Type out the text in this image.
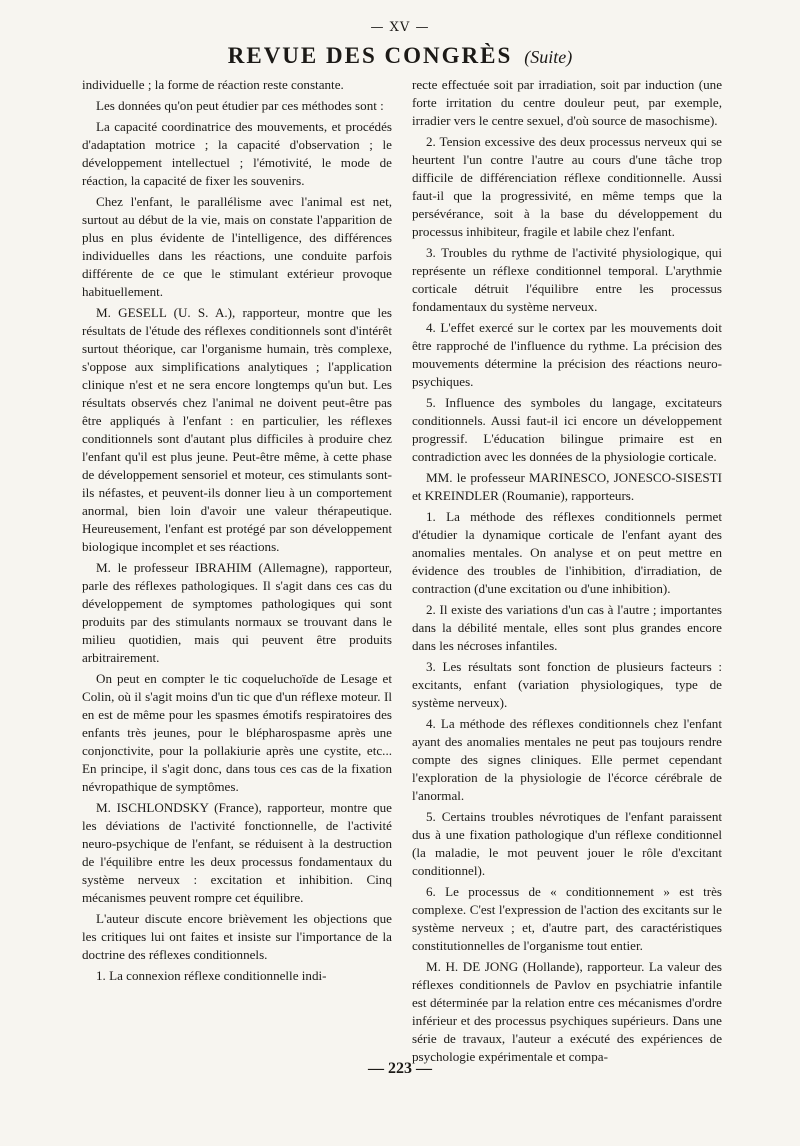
— XV —
REVUE DES CONGRÈS (Suite)

individuelle ; la forme de réaction reste constante.

Les données qu'on peut étudier par ces méthodes sont :

La capacité coordinatrice des mouvements, et procédés d'adaptation motrice ; la capacité d'observation ; le développement intellectuel ; l'émotivité, le mode de réaction, la capacité de fixer les souvenirs.

Chez l'enfant, le parallélisme avec l'animal est net, surtout au début de la vie, mais on constate l'apparition de plus en plus évidente de l'intelligence, des différences individuelles dans les réactions, une conduite parfois différente de ce que le stimulant extérieur provoque habituellement.

M. GESELL (U. S. A.), rapporteur, montre que les résultats de l'étude des réflexes conditionnels sont d'intérêt surtout théorique, car l'organisme humain, très complexe, s'oppose aux simplifications analytiques ; l'application clinique n'est et ne sera encore longtemps qu'un but. Les résultats observés chez l'animal ne doivent peut-être pas être appliqués à l'enfant : en particulier, les réflexes conditionnels sont d'autant plus difficiles à produire chez l'enfant qu'il est plus jeune. Peut-être même, à cette phase de développement sensoriel et moteur, ces stimulants sont-ils néfastes, et peuvent-ils donner lieu à un comportement anormal, bien loin d'avoir une valeur thérapeutique. Heureusement, l'enfant est protégé par son développement biologique incomplet et ses réactions.

M. le professeur IBRAHIM (Allemagne), rapporteur, parle des réflexes pathologiques. Il s'agit dans ces cas du développement de symptomes pathologiques qui sont produits par des stimulants normaux se trouvant dans le milieu quotidien, mais qui peuvent être produits arbitrairement.

On peut en compter le tic coqueluchoïde de Lesage et Colin, où il s'agit moins d'un tic que d'un réflexe moteur. Il en est de même pour les spasmes émotifs respiratoires des enfants très jeunes, pour le blépharospasme après une conjonctivite, pour la pollakiurie après une cystite, etc... En principe, il s'agit donc, dans tous ces cas de la fixation névropathique de symptômes.

M. ISCHLONDSKY (France), rapporteur, montre que les déviations de l'activité fonctionnelle, de l'activité neuro-psychique de l'enfant, se réduisent à la destruction de l'équilibre entre les deux processus fondamentaux du système nerveux : excitation et inhibition. Cinq mécanismes peuvent rompre cet équilibre.

L'auteur discute encore brièvement les objections que les critiques lui ont faites et insiste sur l'importance de la doctrine des réflexes conditionnels.

1. La connexion réflexe conditionnelle indi-

recte effectuée soit par irradiation, soit par induction (une forte irritation du centre douleur peut, par exemple, irradier vers le centre sexuel, d'où source de masochisme).

2. Tension excessive des deux processus nerveux qui se heurtent l'un contre l'autre au cours d'une tâche trop difficile de différenciation réflexe conditionnelle. Aussi faut-il que la progressivité, en même temps que la persévérance, soit à la base du développement du processus inhibiteur, fragile et labile chez l'enfant.

3. Troubles du rythme de l'activité physiologique, qui représente un réflexe conditionnel temporal. L'arythmie corticale détruit l'équilibre entre les processus fondamentaux du système nerveux.

4. L'effet exercé sur le cortex par les mouvements doit être rapproché de l'influence du rythme. La précision des mouvements détermine la précision des réactions neuro-psychiques.

5. Influence des symboles du langage, excitateurs conditionnels. Aussi faut-il ici encore un développement progressif. L'éducation bilingue primaire est en contradiction avec les données de la physiologie corticale.

MM. le professeur MARINESCO, JONESCO-SISESTI et KREINDLER (Roumanie), rapporteurs.

1. La méthode des réflexes conditionnels permet d'étudier la dynamique corticale de l'enfant ayant des anomalies mentales. On analyse et on peut mettre en évidence des troubles de l'inhibition, d'irradiation, de contraction (d'une excitation ou d'une inhibition).

2. Il existe des variations d'un cas à l'autre ; importantes dans la débilité mentale, elles sont plus grandes encore dans les nécroses infantiles.

3. Les résultats sont fonction de plusieurs facteurs : excitants, enfant (variation physiologiques, type de système nerveux).

4. La méthode des réflexes conditionnels chez l'enfant ayant des anomalies mentales ne peut pas toujours rendre compte des signes cliniques. Elle permet cependant l'exploration de la physiologie de l'écorce cérébrale de l'anormal.

5. Certains troubles névrotiques de l'enfant paraissent dus à une fixation pathologique d'un réflexe conditionnel (la maladie, le mot peuvent jouer le rôle d'excitant conditionnel).

6. Le processus de « conditionnement » est très complexe. C'est l'expression de l'action des excitants sur le système nerveux ; et, d'autre part, des caractéristiques constitutionnelles de l'organisme tout entier.

M. H. DE JONG (Hollande), rapporteur. La valeur des réflexes conditionnels de Pavlov en psychiatrie infantile est déterminée par la relation entre ces mécanismes d'ordre inférieur et des processus psychiques supérieurs. Dans une série de travaux, l'auteur a exécuté des expériences de psychologie expérimentale et compa-

— 223 —
